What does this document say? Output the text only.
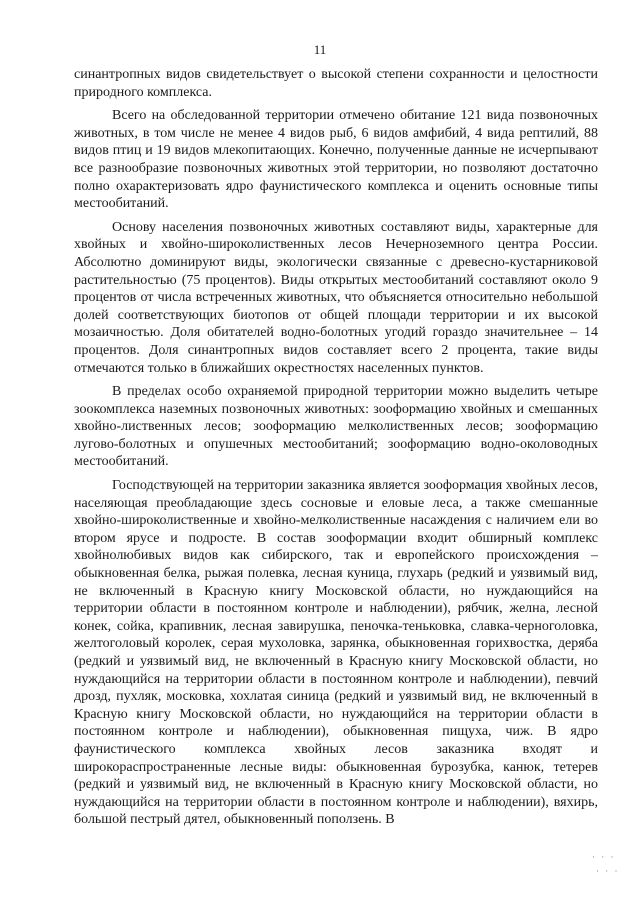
11

синантропных видов свидетельствует о высокой степени сохранности и целостности природного комплекса.

Всего на обследованной территории отмечено обитание 121 вида позвоночных животных, в том числе не менее 4 видов рыб, 6 видов амфибий, 4 вида рептилий, 88 видов птиц и 19 видов млекопитающих. Конечно, полученные данные не исчерпывают все разнообразие позвоночных животных этой территории, но позволяют достаточно полно охарактеризовать ядро фаунистического комплекса и оценить основные типы местообитаний.

Основу населения позвоночных животных составляют виды, характерные для хвойных и хвойно-широколиственных лесов Нечерноземного центра России. Абсолютно доминируют виды, экологически связанные с древесно-кустарниковой растительностью (75 процентов). Виды открытых местообитаний составляют около 9 процентов от числа встреченных животных, что объясняется относительно небольшой долей соответствующих биотопов от общей площади территории и их высокой мозаичностью. Доля обитателей водно-болотных угодий гораздо значительнее – 14 процентов. Доля синантропных видов составляет всего 2 процента, такие виды отмечаются только в ближайших окрестностях населенных пунктов.

В пределах особо охраняемой природной территории можно выделить четыре зоокомплекса наземных позвоночных животных: зооформацию хвойных и смешанных хвойно-лиственных лесов; зооформацию мелколиственных лесов; зооформацию лугово-болотных и опушечных местообитаний; зооформацию водно-околоводных местообитаний.

Господствующей на территории заказника является зооформация хвойных лесов, населяющая преобладающие здесь сосновые и еловые леса, а также смешанные хвойно-широколиственные и хвойно-мелколиственные насаждения с наличием ели во втором ярусе и подросте. В состав зооформации входит обширный комплекс хвойнолюбивых видов как сибирского, так и европейского происхождения – обыкновенная белка, рыжая полевка, лесная куница, глухарь (редкий и уязвимый вид, не включенный в Красную книгу Московской области, но нуждающийся на территории области в постоянном контроле и наблюдении), рябчик, желна, лесной конек, сойка, крапивник, лесная завирушка, пеночка-теньковка, славка-черноголовка, желтоголовый королек, серая мухоловка, зарянка, обыкновенная горихвостка, деряба (редкий и уязвимый вид, не включенный в Красную книгу Московской области, но нуждающийся на территории области в постоянном контроле и наблюдении), певчий дрозд, пухляк, московка, хохлатая синица (редкий и уязвимый вид, не включенный в Красную книгу Московской области, но нуждающийся на территории области в постоянном контроле и наблюдении), обыкновенная пищуха, чиж. В ядро фаунистического комплекса хвойных лесов заказника входят и широкораспространенные лесные виды: обыкновенная бурозубка, канюк, тетерев (редкий и уязвимый вид, не включенный в Красную книгу Московской области, но нуждающийся на территории области в постоянном контроле и наблюдении), вяхирь, большой пестрый дятел, обыкновенный поползень. В

· · ·
· · ·
